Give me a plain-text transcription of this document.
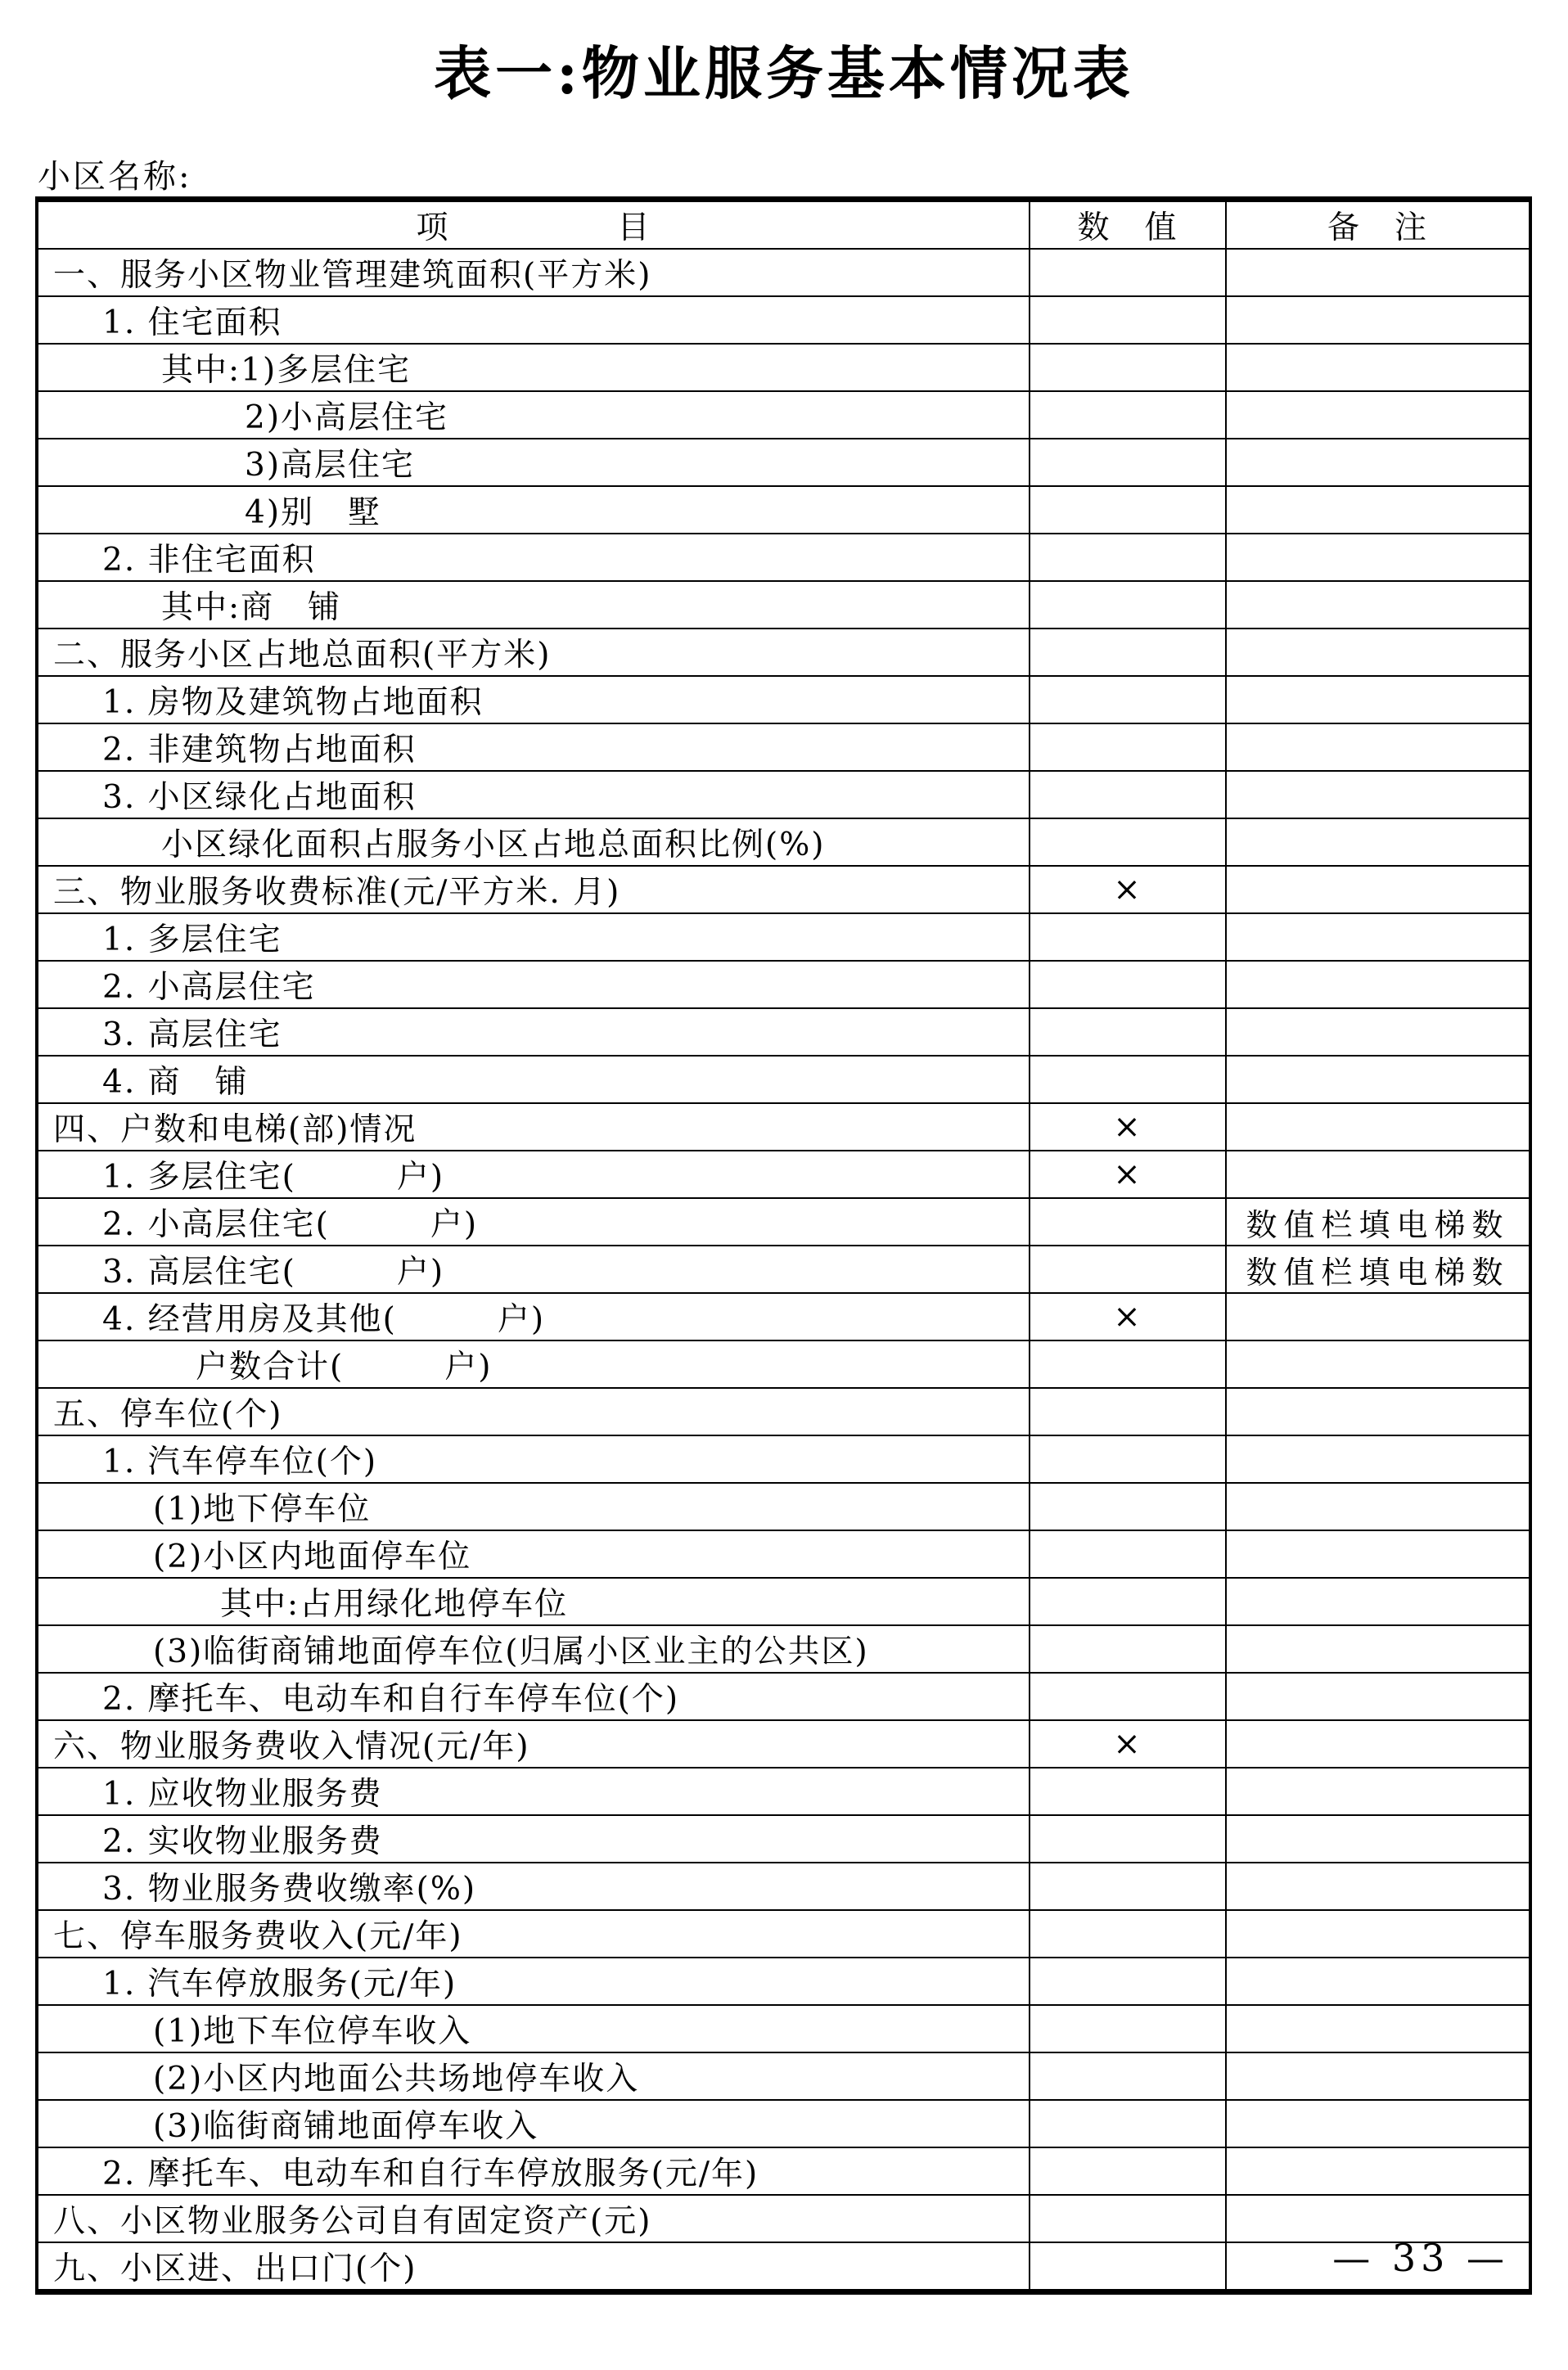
表一:物业服务基本情况表
小区名称:
项　　　　　目	数　值	备　注
一、服务小区物业管理建筑面积(平方米)		
1. 住宅面积		
其中:1)多层住宅		
2)小高层住宅		
3)高层住宅		
4)别　墅		
2. 非住宅面积		
其中:商　铺		
二、服务小区占地总面积(平方米)		
1. 房物及建筑物占地面积		
2. 非建筑物占地面积		
3. 小区绿化占地面积		
小区绿化面积占服务小区占地总面积比例(%)		
三、物业服务收费标准(元/平方米. 月)	×	
1. 多层住宅		
2. 小高层住宅		
3. 高层住宅		
4. 商　铺		
四、户数和电梯(部)情况	×	
1. 多层住宅(　　　户)	×	
2. 小高层住宅(　　　户)		数值栏填电梯数
3. 高层住宅(　　　户)		数值栏填电梯数
4. 经营用房及其他(　　　户)	×	
户数合计(　　　户)		
五、停车位(个)		
1. 汽车停车位(个)		
(1)地下停车位		
(2)小区内地面停车位		
其中:占用绿化地停车位		
(3)临街商铺地面停车位(归属小区业主的公共区)		
2. 摩托车、电动车和自行车停车位(个)		
六、物业服务费收入情况(元/年)	×	
1. 应收物业服务费		
2. 实收物业服务费		
3. 物业服务费收缴率(%)		
七、停车服务费收入(元/年)		
1. 汽车停放服务(元/年)		
(1)地下车位停车收入		
(2)小区内地面公共场地停车收入		
(3)临街商铺地面停车收入		
2. 摩托车、电动车和自行车停放服务(元/年)		
八、小区物业服务公司自有固定资产(元)		
九、小区进、出口门(个)			— 33 —
